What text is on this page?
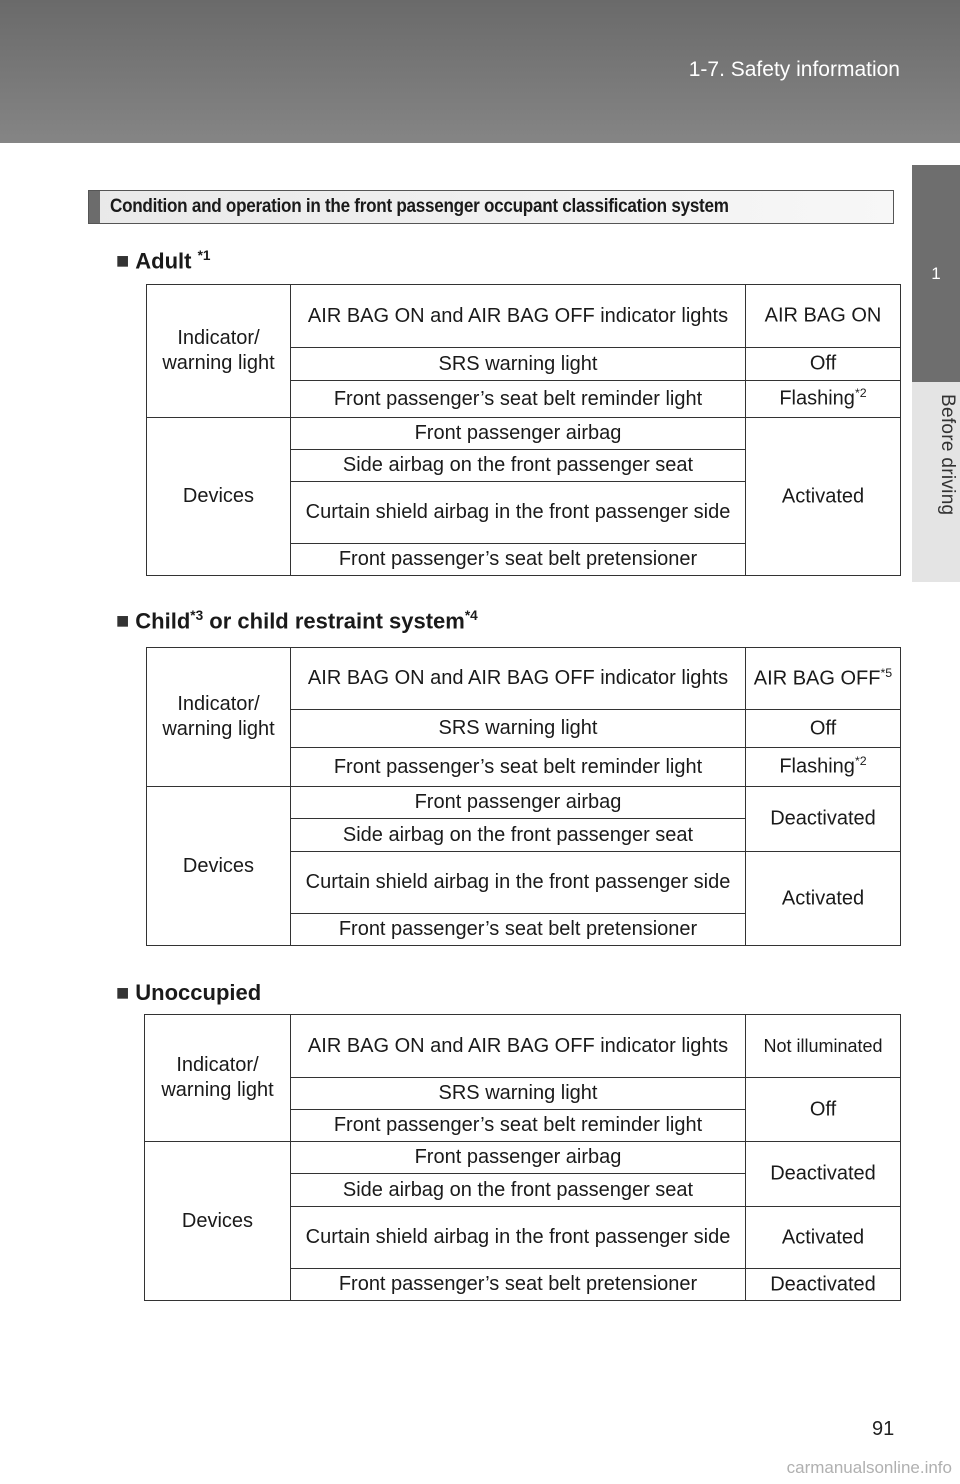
1-7. Safety information
1
Before driving
Condition and operation in the front passenger occupant classification system
■ Adult $^{*1}$
Indicator/ warning light	AIR BAG ON and AIR BAG OFF indicator lights	AIR BAG ON
	SRS warning light	Off
	Front passenger’s seat belt reminder light	Flashing$^{*2}$
Devices	Front passenger airbag	Activated
	Side airbag on the front passenger seat	
	Curtain shield airbag in the front passenger side	
	Front passenger’s seat belt pretensioner	
■ Child$^{*3}$ or child restraint system$^{*4}$
Indicator/ warning light	AIR BAG ON and AIR BAG OFF indicator lights	AIR BAG OFF$^{*5}$
	SRS warning light	Off
	Front passenger’s seat belt reminder light	Flashing$^{*2}$
Devices	Front passenger airbag	Deactivated
	Side airbag on the front passenger seat	
	Curtain shield airbag in the front passenger side	Activated
	Front passenger’s seat belt pretensioner	
■ Unoccupied
Indicator/ warning light	AIR BAG ON and AIR BAG OFF indicator lights	Not illuminated
	SRS warning light	Off
	Front passenger’s seat belt reminder light	
Devices	Front passenger airbag	Deactivated
	Side airbag on the front passenger seat	
	Curtain shield airbag in the front passenger side	Activated
	Front passenger’s seat belt pretensioner	Deactivated
91
carmanualsonline.info
